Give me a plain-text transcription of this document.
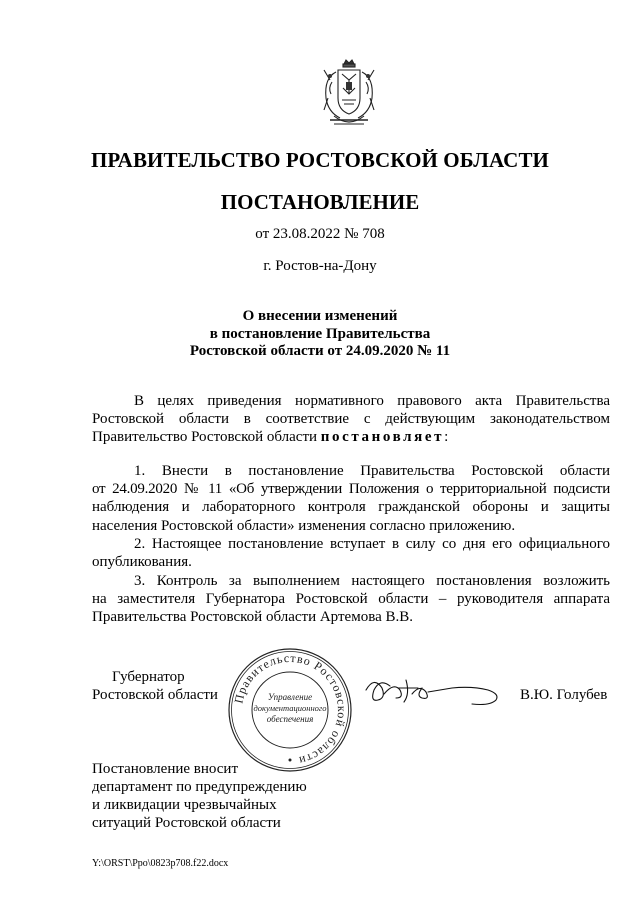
ПРАВИТЕЛЬСТВО РОСТОВСКОЙ ОБЛАСТИ
ПОСТАНОВЛЕНИЕ
от 23.08.2022 № 708
г. Ростов-на-Дону
О внесении изменений
в постановление Правительства
Ростовской области от 24.09.2020 № 11
В целях приведения нормативного правового акта Правительства
Ростовской области в соответствие с действующим законодательством
Правительство Ростовской области постановляет:
1. Внести в постановление Правительства Ростовской области
от 24.09.2020 № 11 «Об утверждении Положения о территориальной подсисти
наблюдения и лабораторного контроля гражданской обороны и защиты
населения Ростовской области» изменения согласно приложению.
2. Настоящее постановление вступает в силу со дня его официального
опубликования.
3. Контроль за выполнением настоящего постановления возложить
на заместителя Губернатора Ростовской области – руководителя аппарата
Правительства Ростовской области Артемова В.В.
Губернатор
Ростовской области	В.Ю. Голубев
Правительство Ростовской области
Управление
документационного
обеспечения
Постановление вносит
департамент по предупреждению
и ликвидации чрезвычайных
ситуаций Ростовской области
Y:\ORST\Ppo\0823p708.f22.docx
